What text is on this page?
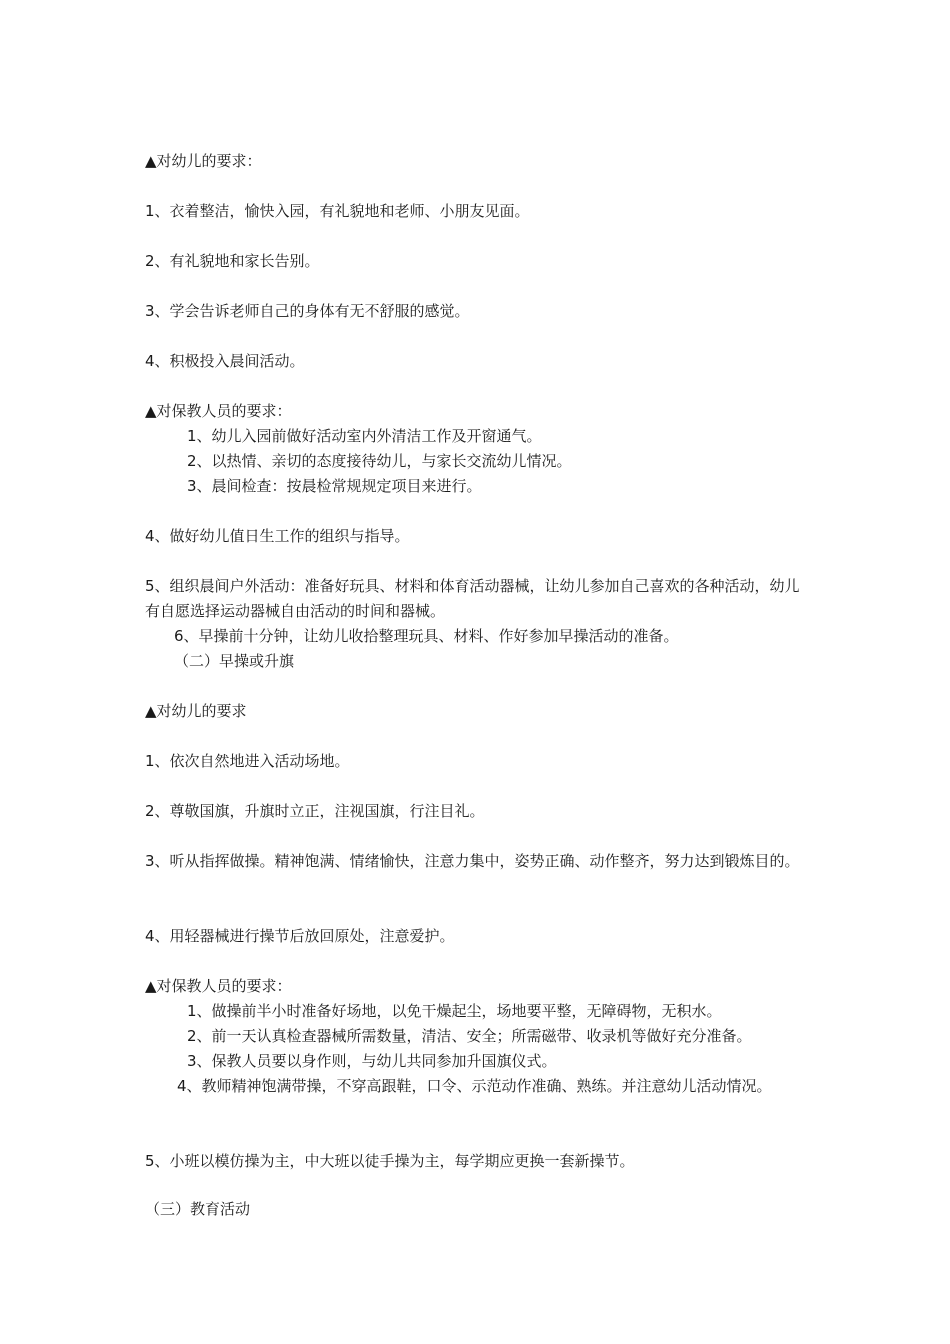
▲对幼儿的要求：
1、衣着整洁，愉快入园，有礼貌地和老师、小朋友见面。
2、有礼貌地和家长告别。
3、学会告诉老师自己的身体有无不舒服的感觉。
4、积极投入晨间活动。
▲对保教人员的要求：
1、幼儿入园前做好活动室内外清洁工作及开窗通气。
2、以热情、亲切的态度接待幼儿，与家长交流幼儿情况。
3、晨间检查：按晨检常规规定项目来进行。
4、做好幼儿值日生工作的组织与指导。
5、组织晨间户外活动：准备好玩具、材料和体育活动器械，让幼儿参加自己喜欢的各种活动，幼儿有自愿选择运动器械自由活动的时间和器械。
6、早操前十分钟，让幼儿收拾整理玩具、材料、作好参加早操活动的准备。
（二）早操或升旗
▲对幼儿的要求
1、依次自然地进入活动场地。
2、尊敬国旗，升旗时立正，注视国旗，行注目礼。
3、听从指挥做操。精神饱满、情绪愉快，注意力集中，姿势正确、动作整齐，努力达到锻炼目的。
4、用轻器械进行操节后放回原处，注意爱护。
▲对保教人员的要求：
1、做操前半小时准备好场地，以免干燥起尘，场地要平整，无障碍物，无积水。
2、前一天认真检查器械所需数量，清洁、安全；所需磁带、收录机等做好充分准备。
3、保教人员要以身作则，与幼儿共同参加升国旗仪式。
4、教师精神饱满带操，不穿高跟鞋，口令、示范动作准确、熟练。并注意幼儿活动情况。
5、小班以模仿操为主，中大班以徒手操为主，每学期应更换一套新操节。
（三）教育活动
